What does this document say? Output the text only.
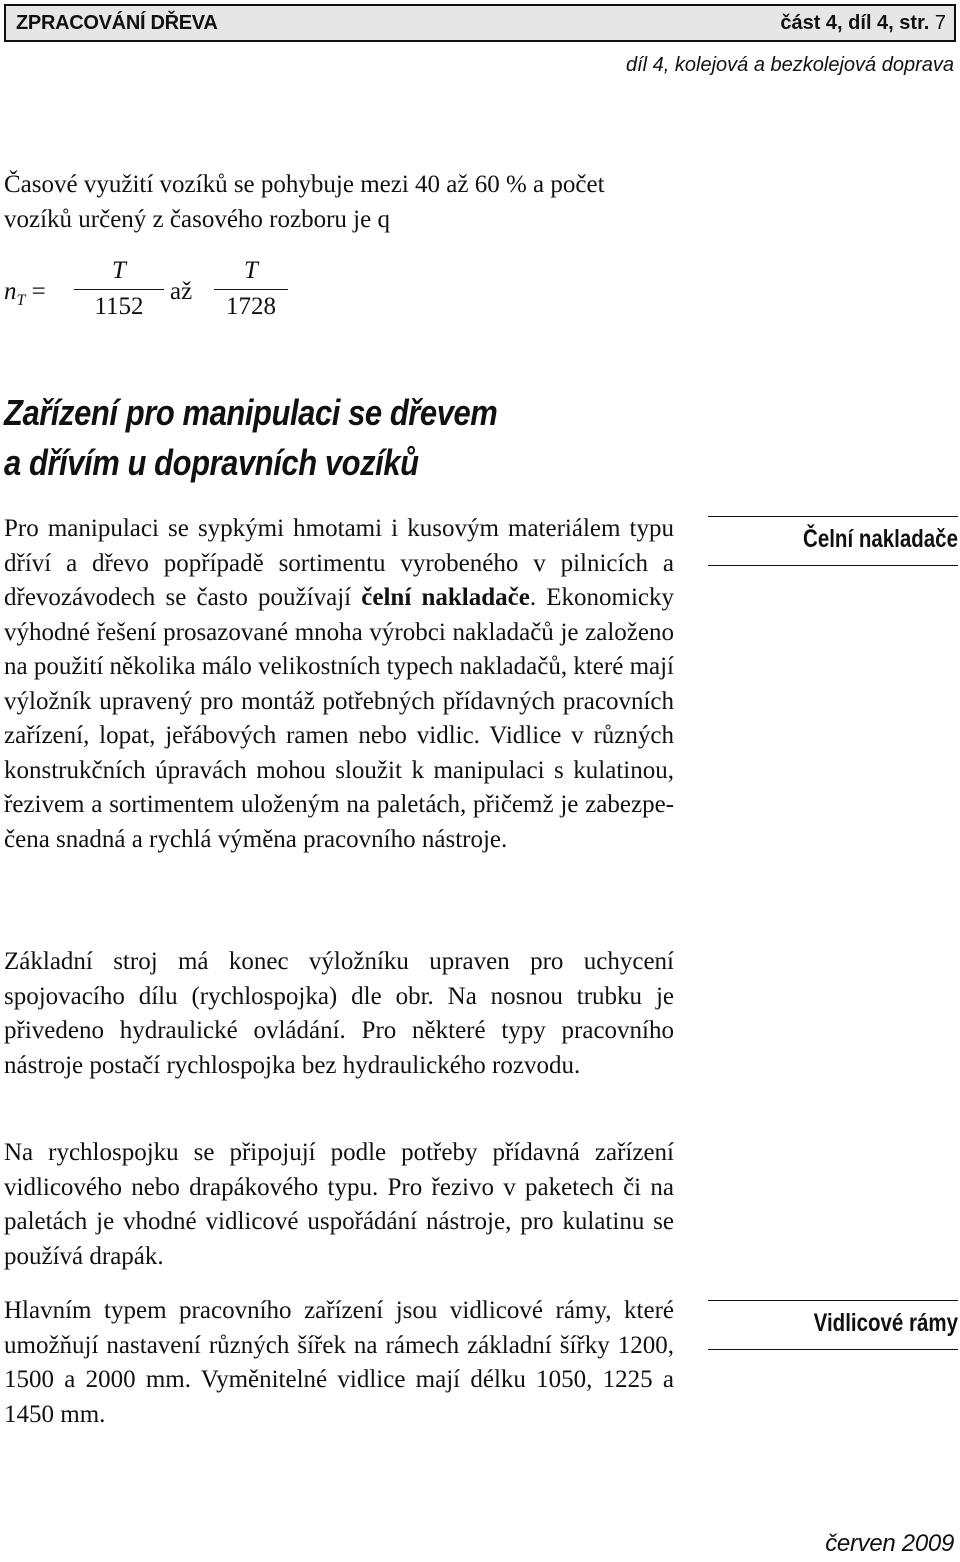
ZPRACOVÁNÍ DŘEVA	část 4, díl 4, str. 7
díl 4, kolejová a bezkolejová doprava
Časové využití vozíků se pohybuje mezi 40 až 60 % a počet vozíků určený z časového rozboru je q
$n_T$ =
T
1152
až
T
1728
Zařízení pro manipulaci se dřevem
a dřívím u dopravních vozíků
Pro manipulaci se sypkými hmotami i kusovým materiálem typu dříví a dřevo popřípadě sortimentu vyrobeného v pilnicích a dřevozávodech se často používají čelní nakladače. Ekonomicky výhodné řešení prosazované mnoha výrobci nakladačů je založeno na použití několika málo velikostních typech nakladačů, které mají výložník upravený pro montáž potřebných přídavných pracovních zařízení, lopat, jeřábových ramen nebo vidlic. Vidlice v různých konstrukčních úpravách mohou sloužit k manipulaci s kulatinou, řezivem a sortimentem uloženým na paletách, přičemž je zabezpečena snadná a rychlá výměna pracovního nástroje.
Základní stroj má konec výložníku upraven pro uchycení spojovacího dílu (rychlospojka) dle obr. Na nosnou trubku je přivedeno hydraulické ovládání. Pro některé typy pracovního nástroje postačí rychlospojka bez hydraulického rozvodu.
Na rychlospojku se připojují podle potřeby přídavná zařízení vidlicového nebo drapákového typu. Pro řezivo v paketech či na paletách je vhodné vidlicové uspořádání nástroje, pro kulatinu se používá drapák.
Hlavním typem pracovního zařízení jsou vidlicové rámy, které umožňují nastavení různých šířek na rámech základní šířky 1200, 1500 a 2000 mm. Vyměnitelné vidlice mají délku 1050, 1225 a 1450 mm.
Čelní nakladače
Vidlicové rámy
červen 2009
